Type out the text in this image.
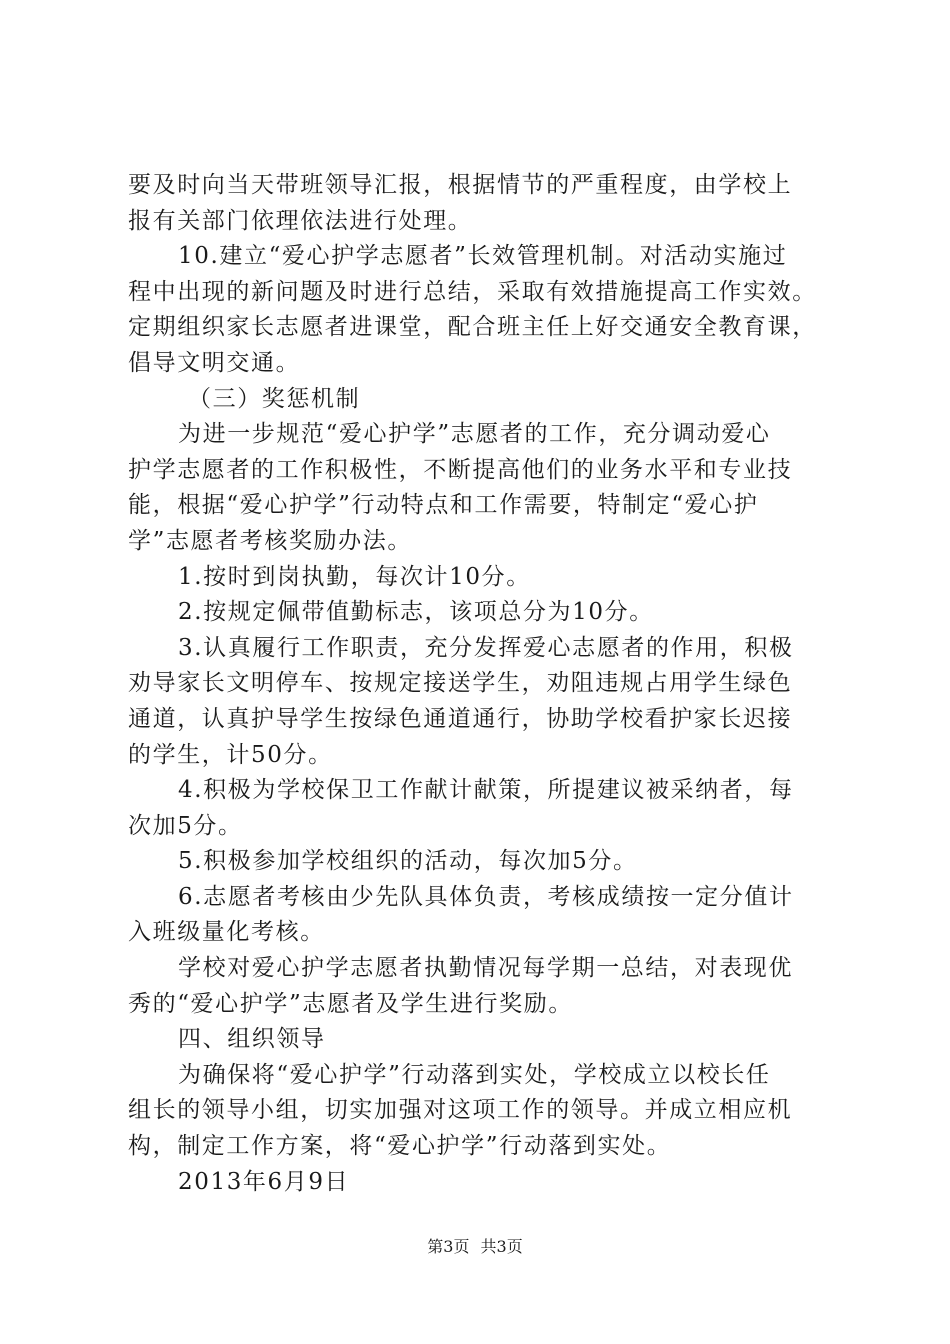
要及时向当天带班领导汇报，根据情节的严重程度，由学校上
报有关部门依理依法进行处理。
10.建立“爱心护学志愿者”长效管理机制。对活动实施过
程中出现的新问题及时进行总结，采取有效措施提高工作实效。
定期组织家长志愿者进课堂，配合班主任上好交通安全教育课，
倡导文明交通。
（三）奖惩机制
为进一步规范“爱心护学”志愿者的工作，充分调动爱心
护学志愿者的工作积极性，不断提高他们的业务水平和专业技
能，根据“爱心护学”行动特点和工作需要，特制定“爱心护
学”志愿者考核奖励办法。
1.按时到岗执勤，每次计10分。
2.按规定佩带值勤标志，该项总分为10分。
3.认真履行工作职责，充分发挥爱心志愿者的作用，积极
劝导家长文明停车、按规定接送学生，劝阻违规占用学生绿色
通道，认真护导学生按绿色通道通行，协助学校看护家长迟接
的学生，计50分。
4.积极为学校保卫工作献计献策，所提建议被采纳者，每
次加5分。
5.积极参加学校组织的活动，每次加5分。
6.志愿者考核由少先队具体负责，考核成绩按一定分值计
入班级量化考核。
学校对爱心护学志愿者执勤情况每学期一总结，对表现优
秀的“爱心护学”志愿者及学生进行奖励。
四、组织领导
为确保将“爱心护学”行动落到实处，学校成立以校长任
组长的领导小组，切实加强对这项工作的领导。并成立相应机
构，制定工作方案，将“爱心护学”行动落到实处。
2013年6月9日
第3页 共3页
